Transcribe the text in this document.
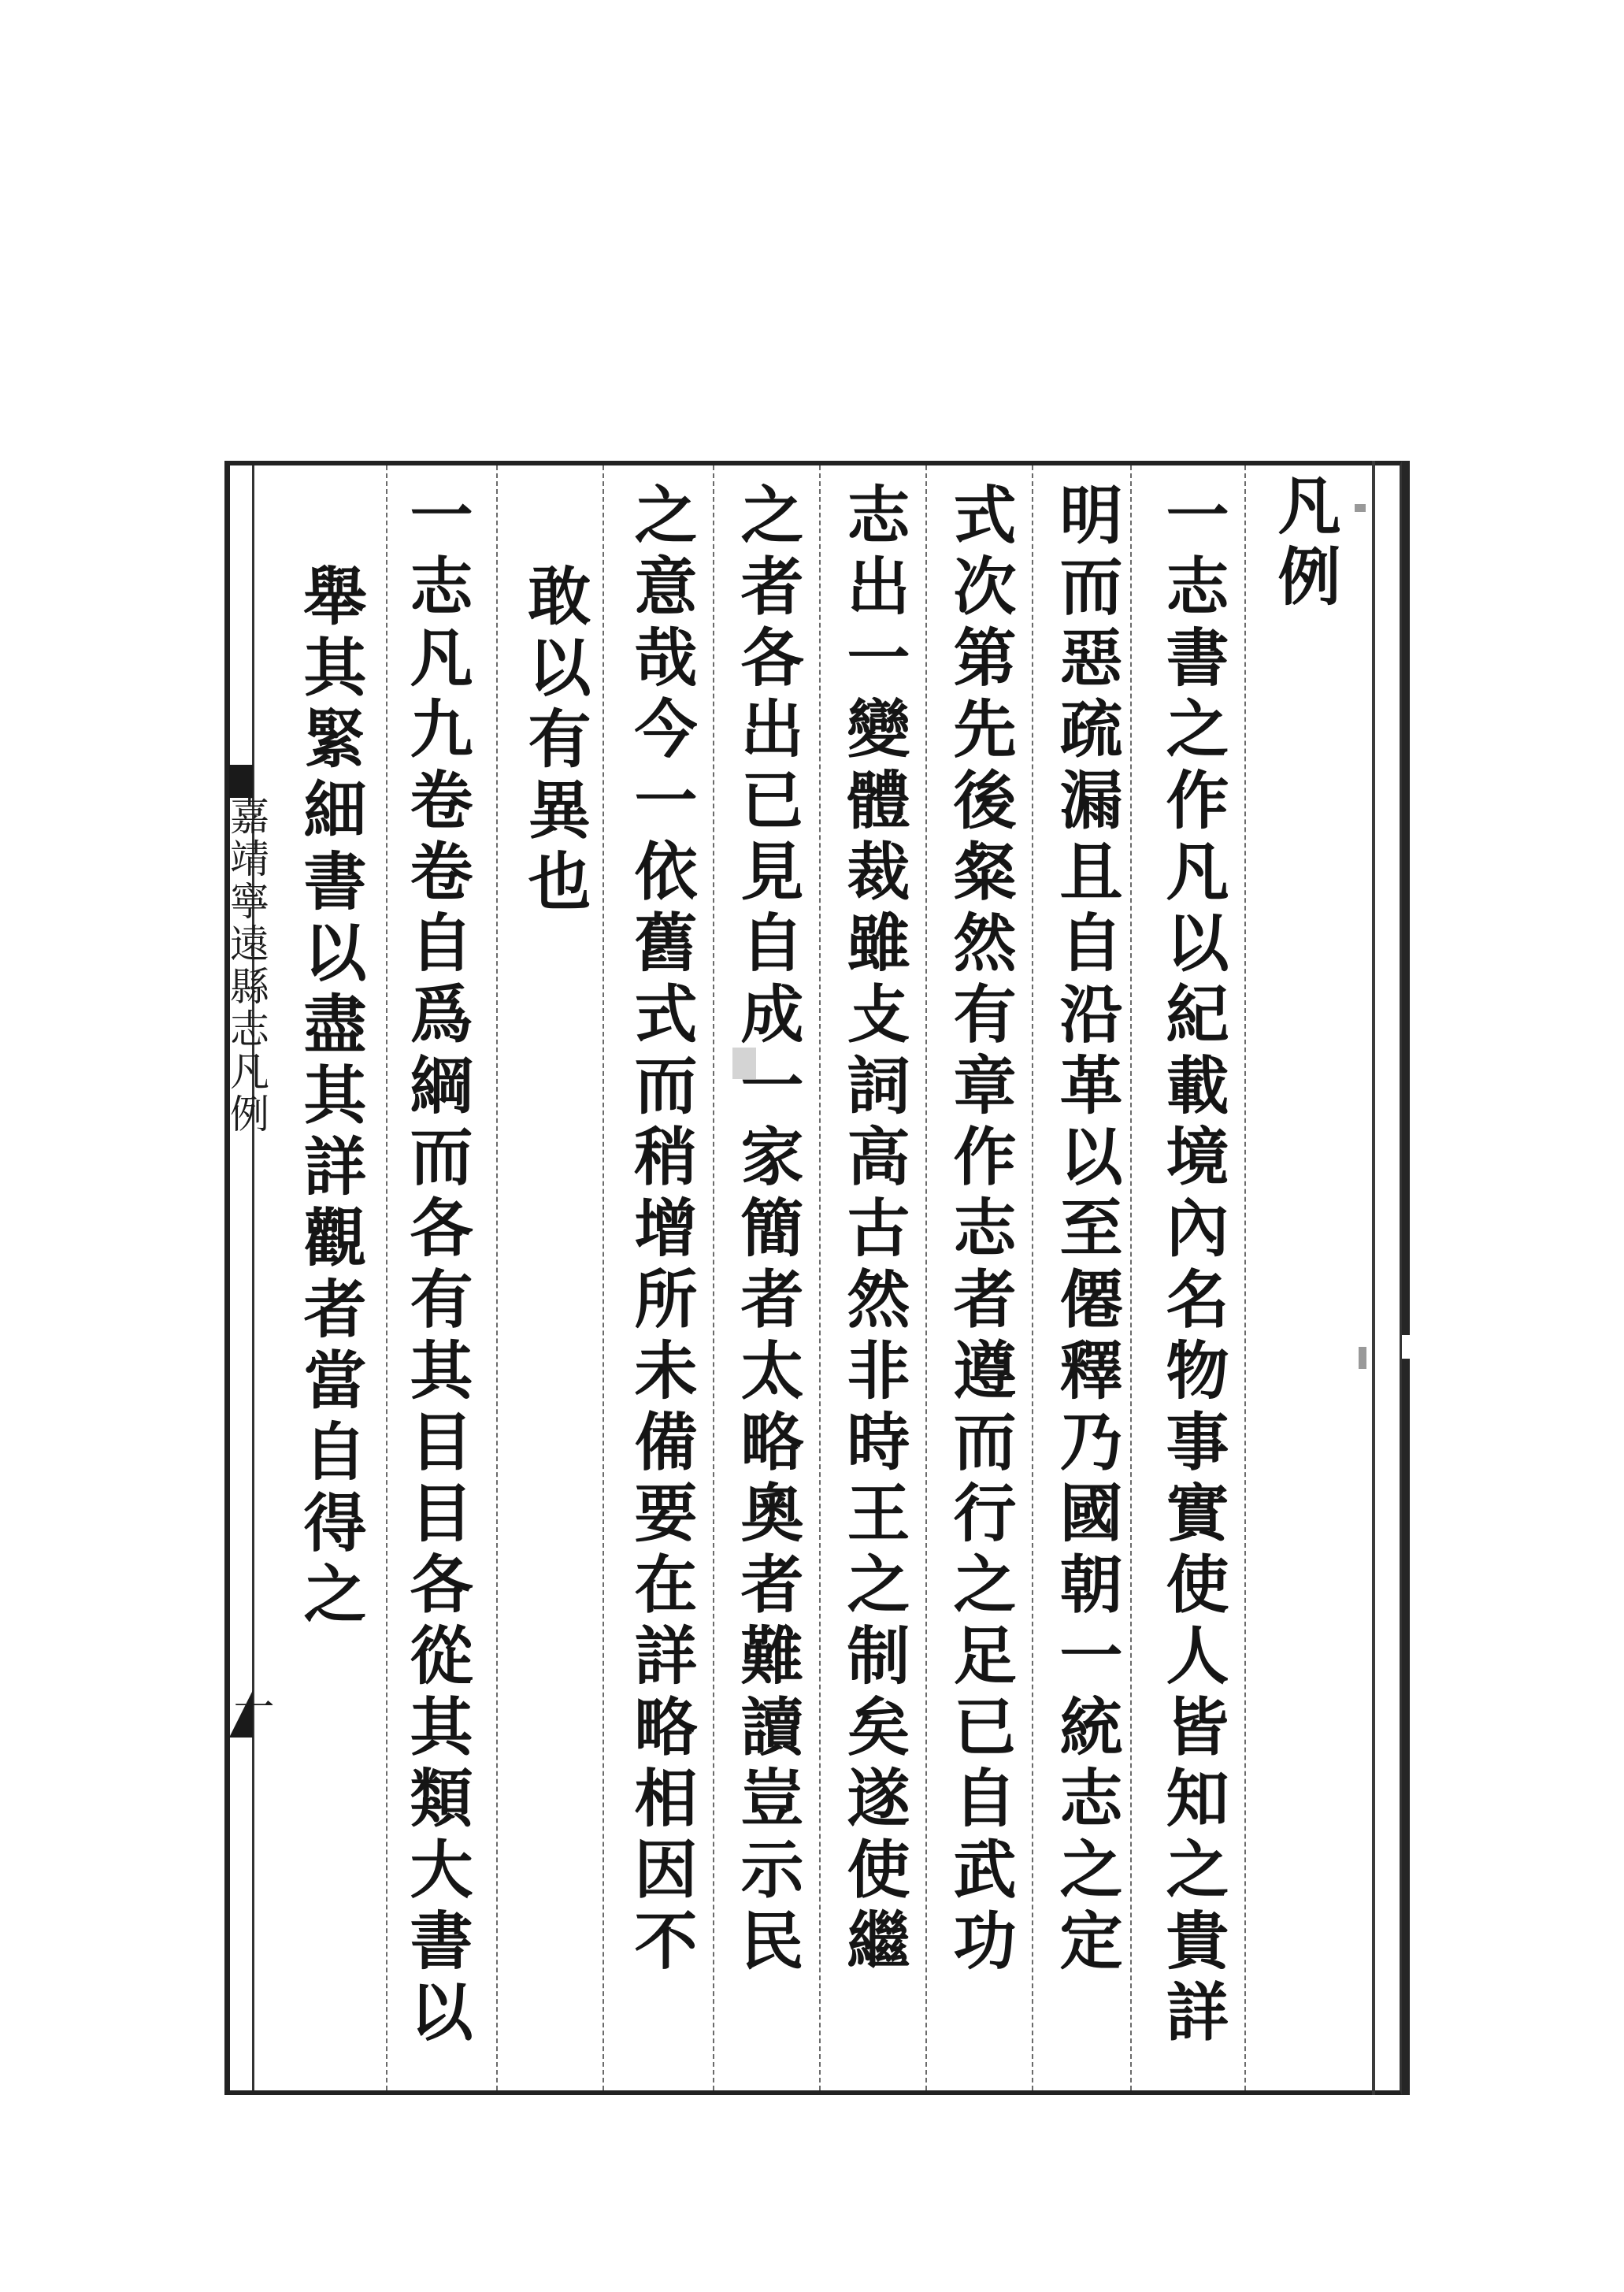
嘉靖寧遠縣志凡例
一
凡例
一志書之作凡以紀載境內名物事實使人皆知之貴詳
明而惡疏漏且自沿革以至僊釋乃國朝一統志之定
式次第先後粲然有章作志者遵而行之足已自武功
志出一變體裁雖攴詞高古然非時王之制矣遂使繼
之者各出已見自成一家簡者太略奧者難讀豈示民
之意哉今一依舊式而稍增所未備要在詳略相因不
敢以有異也
一志凡九卷卷自爲綱而各有其目目各從其類大書以
舉其緊細書以盡其詳觀者當自得之
